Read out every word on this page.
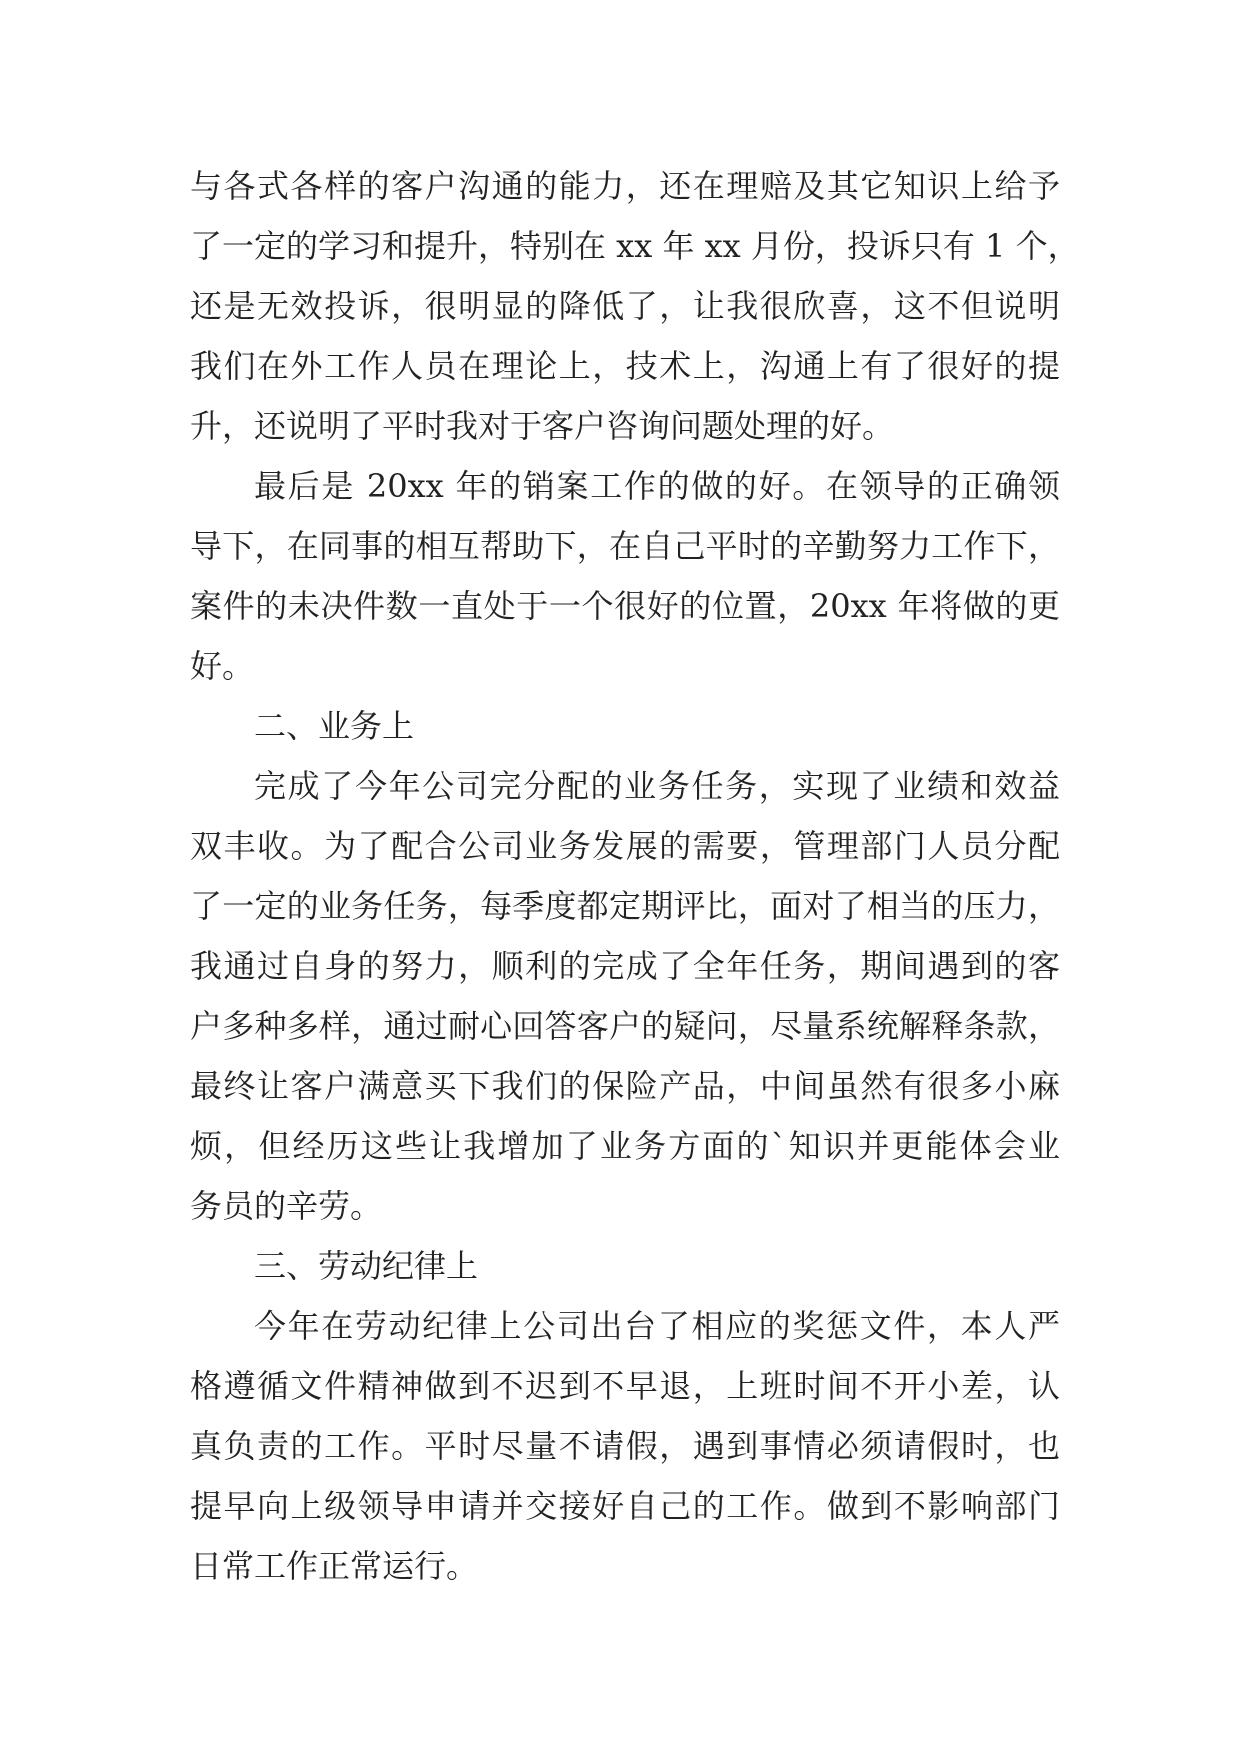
与各式各样的客户沟通的能力，还在理赔及其它知识上给予
了一定的学习和提升，特别在 xx 年 xx 月份，投诉只有 1 个，
还是无效投诉，很明显的降低了，让我很欣喜，这不但说明
我们在外工作人员在理论上，技术上，沟通上有了很好的提
升，还说明了平时我对于客户咨询问题处理的好。
最后是 20xx 年的销案工作的做的好。在领导的正确领
导下，在同事的相互帮助下，在自己平时的辛勤努力工作下，
案件的未决件数一直处于一个很好的位置，20xx 年将做的更
好。
二、业务上
完成了今年公司完分配的业务任务，实现了业绩和效益
双丰收。为了配合公司业务发展的需要，管理部门人员分配
了一定的业务任务，每季度都定期评比，面对了相当的压力，
我通过自身的努力，顺利的完成了全年任务，期间遇到的客
户多种多样，通过耐心回答客户的疑问，尽量系统解释条款，
最终让客户满意买下我们的保险产品，中间虽然有很多小麻
烦，但经历这些让我增加了业务方面的`知识并更能体会业
务员的辛劳。
三、劳动纪律上
今年在劳动纪律上公司出台了相应的奖惩文件，本人严
格遵循文件精神做到不迟到不早退，上班时间不开小差，认
真负责的工作。平时尽量不请假，遇到事情必须请假时，也
提早向上级领导申请并交接好自己的工作。做到不影响部门
日常工作正常运行。
